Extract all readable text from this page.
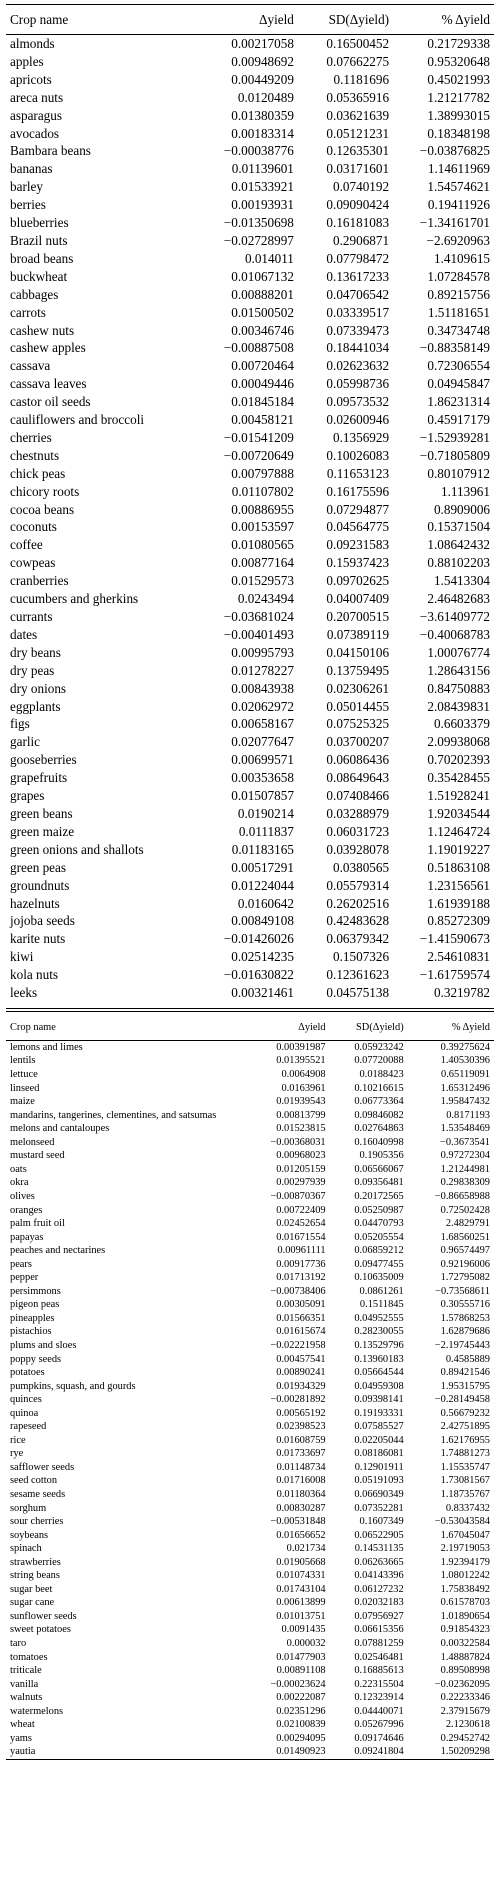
Crop name	Δyield	SD(Δyield)	% Δyield
almonds	0.00217058	0.16500452	0.21729338
apples	0.00948692	0.07662275	0.95320648
apricots	0.00449209	0.1181696	0.45021993
areca nuts	0.0120489	0.05365916	1.21217782
asparagus	0.01380359	0.03621639	1.38993015
avocados	0.00183314	0.05121231	0.18348198
Bambara beans	−0.00038776	0.12635301	−0.03876825
bananas	0.01139601	0.03171601	1.14611969
barley	0.01533921	0.0740192	1.54574621
berries	0.00193931	0.09090424	0.19411926
blueberries	−0.01350698	0.16181083	−1.34161701
Brazil nuts	−0.02728997	0.2906871	−2.6920963
broad beans	0.014011	0.07798472	1.4109615
buckwheat	0.01067132	0.13617233	1.07284578
cabbages	0.00888201	0.04706542	0.89215756
carrots	0.01500502	0.03339517	1.51181651
cashew nuts	0.00346746	0.07339473	0.34734748
cashew apples	−0.00887508	0.18441034	−0.88358149
cassava	0.00720464	0.02623632	0.72306554
cassava leaves	0.00049446	0.05998736	0.04945847
castor oil seeds	0.01845184	0.09573532	1.86231314
cauliflowers and broccoli	0.00458121	0.02600946	0.45917179
cherries	−0.01541209	0.1356929	−1.52939281
chestnuts	−0.00720649	0.10026083	−0.71805809
chick peas	0.00797888	0.11653123	0.80107912
chicory roots	0.01107802	0.16175596	1.113961
cocoa beans	0.00886955	0.07294877	0.8909006
coconuts	0.00153597	0.04564775	0.15371504
coffee	0.01080565	0.09231583	1.08642432
cowpeas	0.00877164	0.15937423	0.88102203
cranberries	0.01529573	0.09702625	1.5413304
cucumbers and gherkins	0.0243494	0.04007409	2.46482683
currants	−0.03681024	0.20700515	−3.61409772
dates	−0.00401493	0.07389119	−0.40068783
dry beans	0.00995793	0.04150106	1.00076774
dry peas	0.01278227	0.13759495	1.28643156
dry onions	0.00843938	0.02306261	0.84750883
eggplants	0.02062972	0.05014455	2.08439831
figs	0.00658167	0.07525325	0.6603379
garlic	0.02077647	0.03700207	2.09938068
gooseberries	0.00699571	0.06086436	0.70202393
grapefruits	0.00353658	0.08649643	0.35428455
grapes	0.01507857	0.07408466	1.51928241
green beans	0.0190214	0.03288979	1.92034544
green maize	0.0111837	0.06031723	1.12464724
green onions and shallots	0.01183165	0.03928078	1.19019227
green peas	0.00517291	0.0380565	0.51863108
groundnuts	0.01224044	0.05579314	1.23156561
hazelnuts	0.0160642	0.26202516	1.61939188
jojoba seeds	0.00849108	0.42483628	0.85272309
karite nuts	−0.01426026	0.06379342	−1.41590673
kiwi	0.02514235	0.1507326	2.54610831
kola nuts	−0.01630822	0.12361623	−1.61759574
leeks	0.00321461	0.04575138	0.3219782
Crop name	Δyield	SD(Δyield)	% Δyield
lemons and limes	0.00391987	0.05923242	0.39275624
lentils	0.01395521	0.07720088	1.40530396
lettuce	0.0064908	0.0188423	0.65119091
linseed	0.0163961	0.10216615	1.65312496
maize	0.01939543	0.06773364	1.95847432
mandarins, tangerines, clementines, and satsumas	0.00813799	0.09846082	0.8171193
melons and cantaloupes	0.01523815	0.02764863	1.53548469
melonseed	−0.00368031	0.16040998	−0.3673541
mustard seed	0.00968023	0.1905356	0.97272304
oats	0.01205159	0.06566067	1.21244981
okra	0.00297939	0.09356481	0.29838309
olives	−0.00870367	0.20172565	−0.86658988
oranges	0.00722409	0.05250987	0.72502428
palm fruit oil	0.02452654	0.04470793	2.4829791
papayas	0.01671554	0.05205554	1.68560251
peaches and nectarines	0.00961111	0.06859212	0.96574497
pears	0.00917736	0.09477455	0.92196006
pepper	0.01713192	0.10635009	1.72795082
persimmons	−0.00738406	0.0861261	−0.73568611
pigeon peas	0.00305091	0.1511845	0.30555716
pineapples	0.01566351	0.04952555	1.57868253
pistachios	0.01615674	0.28230055	1.62879686
plums and sloes	−0.02221958	0.13529796	−2.19745443
poppy seeds	0.00457541	0.13960183	0.4585889
potatoes	0.00890241	0.05664544	0.89421546
pumpkins, squash, and gourds	0.01934329	0.04959308	1.95315795
quinces	−0.00281892	0.09398141	−0.28149458
quinoa	0.00565192	0.19193331	0.56679232
rapeseed	0.02398523	0.07585527	2.42751895
rice	0.01608759	0.02205044	1.62176955
rye	0.01733697	0.08186081	1.74881273
safflower seeds	0.01148734	0.12901911	1.15535747
seed cotton	0.01716008	0.05191093	1.73081567
sesame seeds	0.01180364	0.06690349	1.18735767
sorghum	0.00830287	0.07352281	0.8337432
sour cherries	−0.00531848	0.1607349	−0.53043584
soybeans	0.01656652	0.06522905	1.67045047
spinach	0.021734	0.14531135	2.19719053
strawberries	0.01905668	0.06263665	1.92394179
string beans	0.01074331	0.04143396	1.08012242
sugar beet	0.01743104	0.06127232	1.75838492
sugar cane	0.00613899	0.02032183	0.61578703
sunflower seeds	0.01013751	0.07956927	1.01890654
sweet potatoes	0.0091435	0.06615356	0.91854323
taro	0.000032	0.07881259	0.00322584
tomatoes	0.01477903	0.02546481	1.48887824
triticale	0.00891108	0.16885613	0.89508998
vanilla	−0.00023624	0.22315504	−0.02362095
walnuts	0.00222087	0.12323914	0.22233346
watermelons	0.02351296	0.04440071	2.37915679
wheat	0.02100839	0.05267996	2.1230618
yams	0.00294095	0.09174646	0.29452742
yautia	0.01490923	0.09241804	1.50209298
